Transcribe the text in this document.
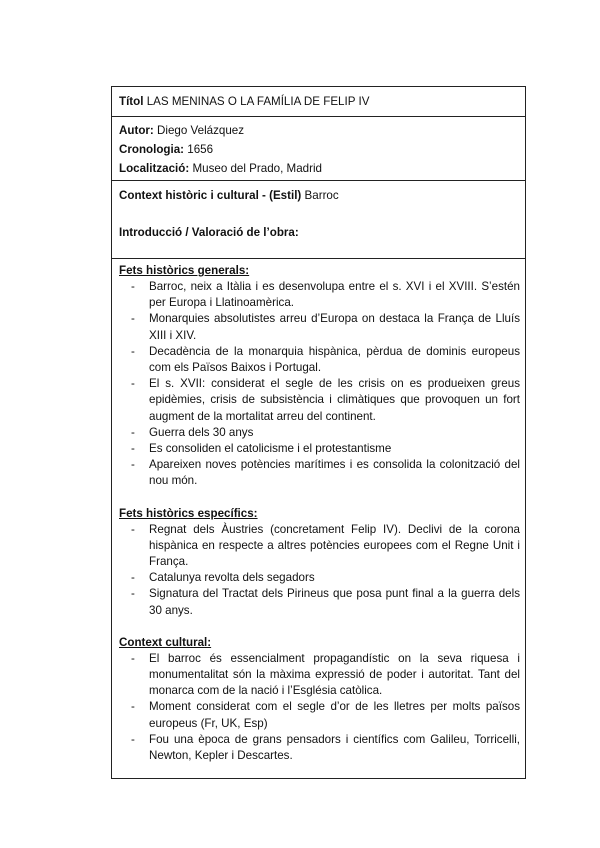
Títol LAS MENINAS O LA FAMÍLIA DE FELIP IV
Autor: Diego Velázquez
Cronologia: 1656
Localització: Museo del Prado, Madrid
Context històric i cultural - (Estil) Barroc
Introducció / Valoració de l’obra:
Fets històrics generals:
- Barroc, neix a Itàlia i es desenvolupa entre el s. XVI i el XVIII. S’estén per Europa i Llatinoamèrica.
- Monarquies absolutistes arreu d’Europa on destaca la França de Lluís XIII i XIV.
- Decadència de la monarquia hispànica, pèrdua de dominis europeus com els Països Baixos i Portugal.
- El s. XVII: considerat el segle de les crisis on es produeixen greus epidèmies, crisis de subsistència i climàtiques que provoquen un fort augment de la mortalitat arreu del continent.
- Guerra dels 30 anys
- Es consoliden el catolicisme i el protestantisme
- Apareixen noves potències marítimes i es consolida la colonització del nou món.
Fets històrics específics:
- Regnat dels Àustries (concretament Felip IV). Declivi de la corona hispànica en respecte a altres potències europees com el Regne Unit i França.
- Catalunya revolta dels segadors
- Signatura del Tractat dels Pirineus que posa punt final a la guerra dels 30 anys.
Context cultural:
- El barroc és essencialment propagandístic on la seva riquesa i monumentalitat són la màxima expressió de poder i autoritat. Tant del monarca com de la nació i l’Església catòlica.
- Moment considerat com el segle d’or de les lletres per molts països europeus (Fr, UK, Esp)
- Fou una època de grans pensadors i científics com Galileu, Torricelli, Newton, Kepler i Descartes.
